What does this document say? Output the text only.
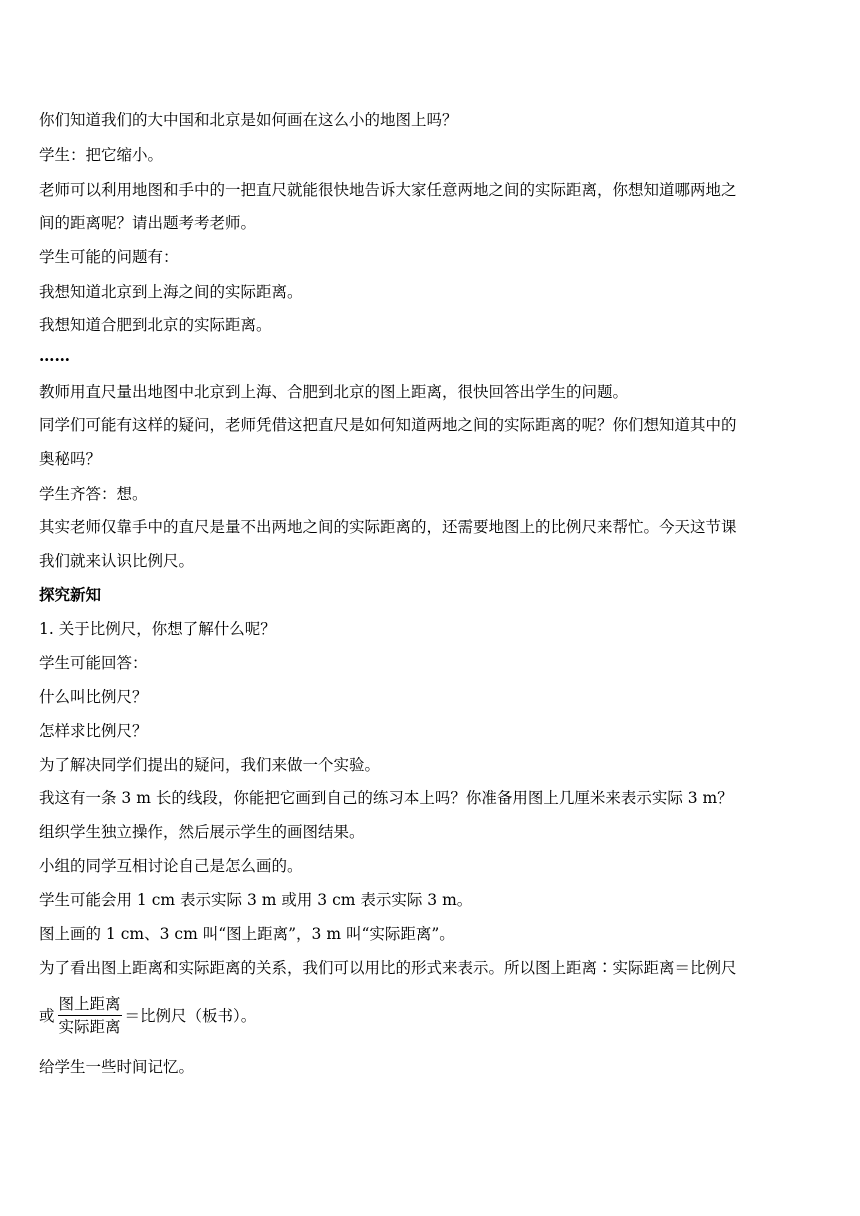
你们知道我们的大中国和北京是如何画在这么小的地图上吗？
学生：把它缩小。
老师可以利用地图和手中的一把直尺就能很快地告诉大家任意两地之间的实际距离，你想知道哪两地之
间的距离呢？请出题考考老师。
学生可能的问题有：
我想知道北京到上海之间的实际距离。
我想知道合肥到北京的实际距离。
……
教师用直尺量出地图中北京到上海、合肥到北京的图上距离，很快回答出学生的问题。
同学们可能有这样的疑问，老师凭借这把直尺是如何知道两地之间的实际距离的呢？你们想知道其中的
奥秘吗？
学生齐答：想。
其实老师仅靠手中的直尺是量不出两地之间的实际距离的，还需要地图上的比例尺来帮忙。今天这节课
我们就来认识比例尺。
探究新知
1. 关于比例尺，你想了解什么呢？
学生可能回答：
什么叫比例尺？
怎样求比例尺？
为了解决同学们提出的疑问，我们来做一个实验。
我这有一条 3 m 长的线段，你能把它画到自己的练习本上吗？你准备用图上几厘米来表示实际 3 m？
组织学生独立操作，然后展示学生的画图结果。
小组的同学互相讨论自己是怎么画的。
学生可能会用 1 cm 表示实际 3 m 或用 3 cm 表示实际 3 m。
图上画的 1 cm、3 cm 叫“图上距离”，3 m 叫“实际距离”。
为了看出图上距离和实际距离的关系，我们可以用比的形式来表示。所以图上距离∶实际距离＝比例尺
或 $\frac{\text{图上距离}}{\text{实际距离}}$ ＝比例尺（板书）。
给学生一些时间记忆。
